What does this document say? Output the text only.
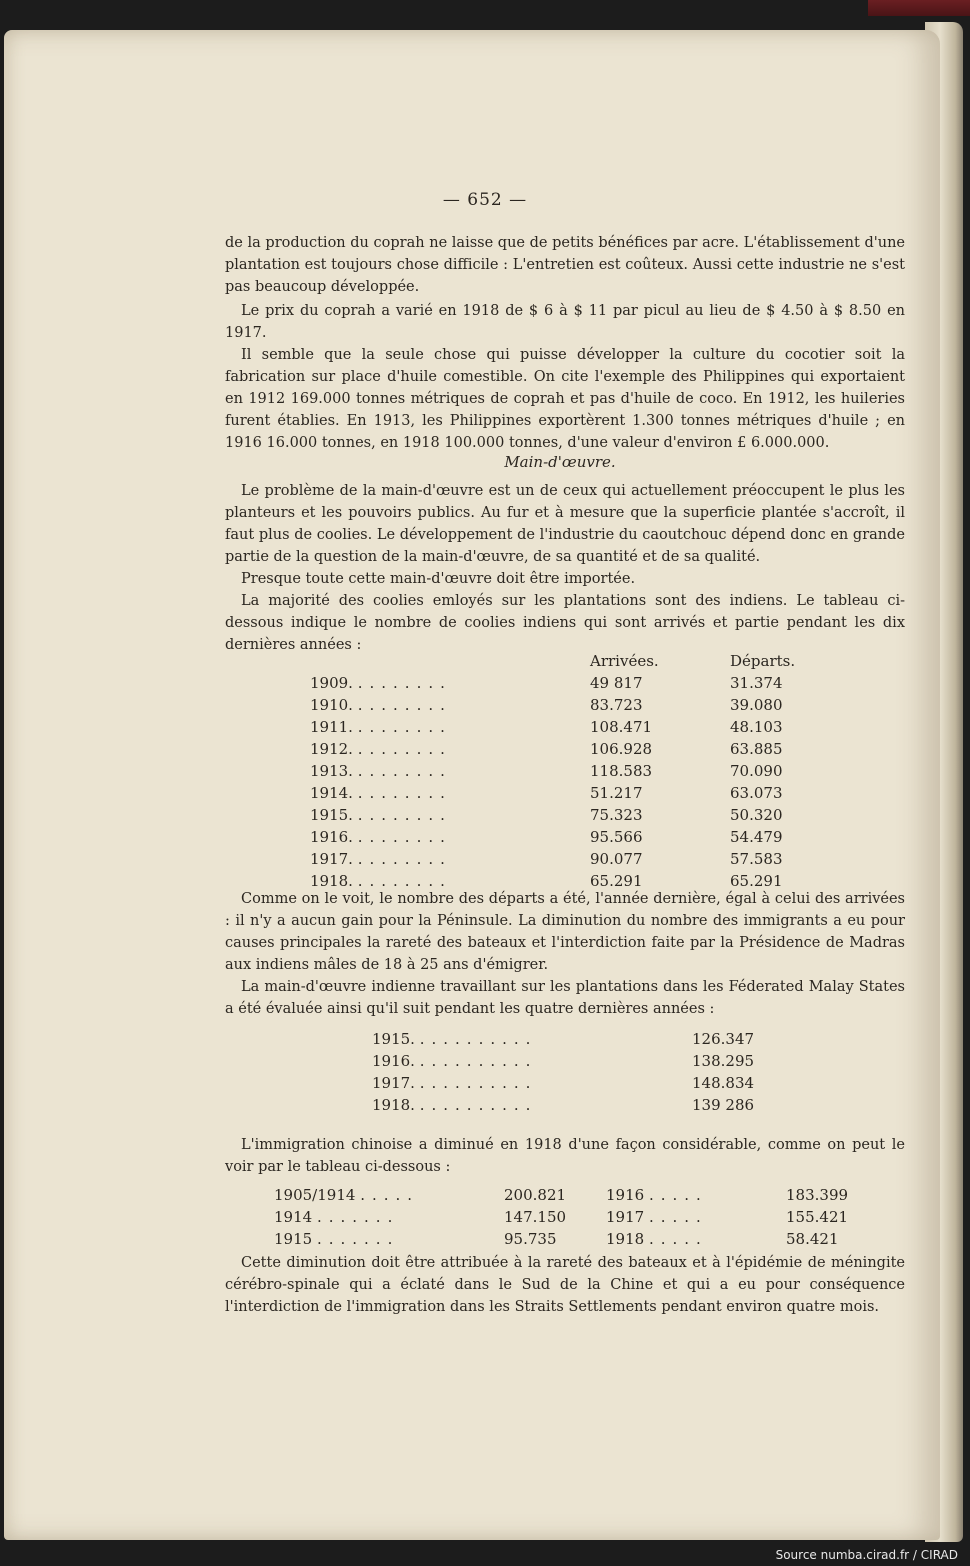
— 652 —

de la production du coprah ne laisse que de petits bénéfices par acre. L'établissement d'une plantation est toujours chose difficile : L'entretien est coûteux. Aussi cette industrie ne s'est pas beaucoup développée.

Le prix du coprah a varié en 1918 de $ 6 à $ 11 par picul au lieu de $ 4.50 à $ 8.50 en 1917.

Il semble que la seule chose qui puisse développer la culture du cocotier soit la fabrication sur place d'huile comestible. On cite l'exemple des Philippines qui exportaient en 1912 169.000 tonnes métriques de coprah et pas d'huile de coco. En 1912, les huileries furent établies. En 1913, les Philippines exportèrent 1.300 tonnes métriques d'huile ; en 1916 16.000 tonnes, en 1918 100.000 tonnes, d'une valeur d'environ £ 6.000.000.

Main-d'œuvre.

Le problème de la main-d'œuvre est un de ceux qui actuellement préoccupent le plus les planteurs et les pouvoirs publics. Au fur et à mesure que la superficie plantée s'accroît, il faut plus de coolies. Le développement de l'industrie du caoutchouc dépend donc en grande partie de la question de la main-d'œuvre, de sa quantité et de sa qualité.

Presque toute cette main-d'œuvre doit être importée.

La majorité des coolies emloyés sur les plantations sont des indiens. Le tableau ci-dessous indique le nombre de coolies indiens qui sont arrivés et partie pendant les dix dernières années :

		Arrivées.	Départs.
1909. ........		49 817	31.374
1910. ........		83.723	39.080
1911. ........		108.471	48.103
1912. ........		106.928	63.885
1913. ........		118.583	70.090
1914. ........		51.217	63.073
1915. ........		75.323	50.320
1916. ........		95.566	54.479
1917. ........		90.077	57.583
1918. ........		65.291	65.291

Comme on le voit, le nombre des départs a été, l'année dernière, égal à celui des arrivées : il n'y a aucun gain pour la Péninsule. La diminution du nombre des immigrants a eu pour causes principales la rareté des bateaux et l'interdiction faite par la Présidence de Madras aux indiens mâles de 18 à 25 ans d'émigrer.

La main-d'œuvre indienne travaillant sur les plantations dans les Féderated Malay States a été évaluée ainsi qu'il suit pendant les quatre dernières années :

1915. ..........	126.347
1916. ..........	138.295
1917. ..........	148.834
1918. ..........	139 286

L'immigration chinoise a diminué en 1918 d'une façon considérable, comme on peut le voir par le tableau ci-dessous :

1905/1914 .....	200.821	1916 .....	183.399
1914 .......	147.150	1917 .....	155.421
1915 .......	95.735	1918 .....	58.421

Cette diminution doit être attribuée à la rareté des bateaux et à l'épidémie de méningite cérébro-spinale qui a éclaté dans le Sud de la Chine et qui a eu pour conséquence l'interdiction de l'immigration dans les Straits Settlements pendant environ quatre mois.

Source numba.cirad.fr / CIRAD
